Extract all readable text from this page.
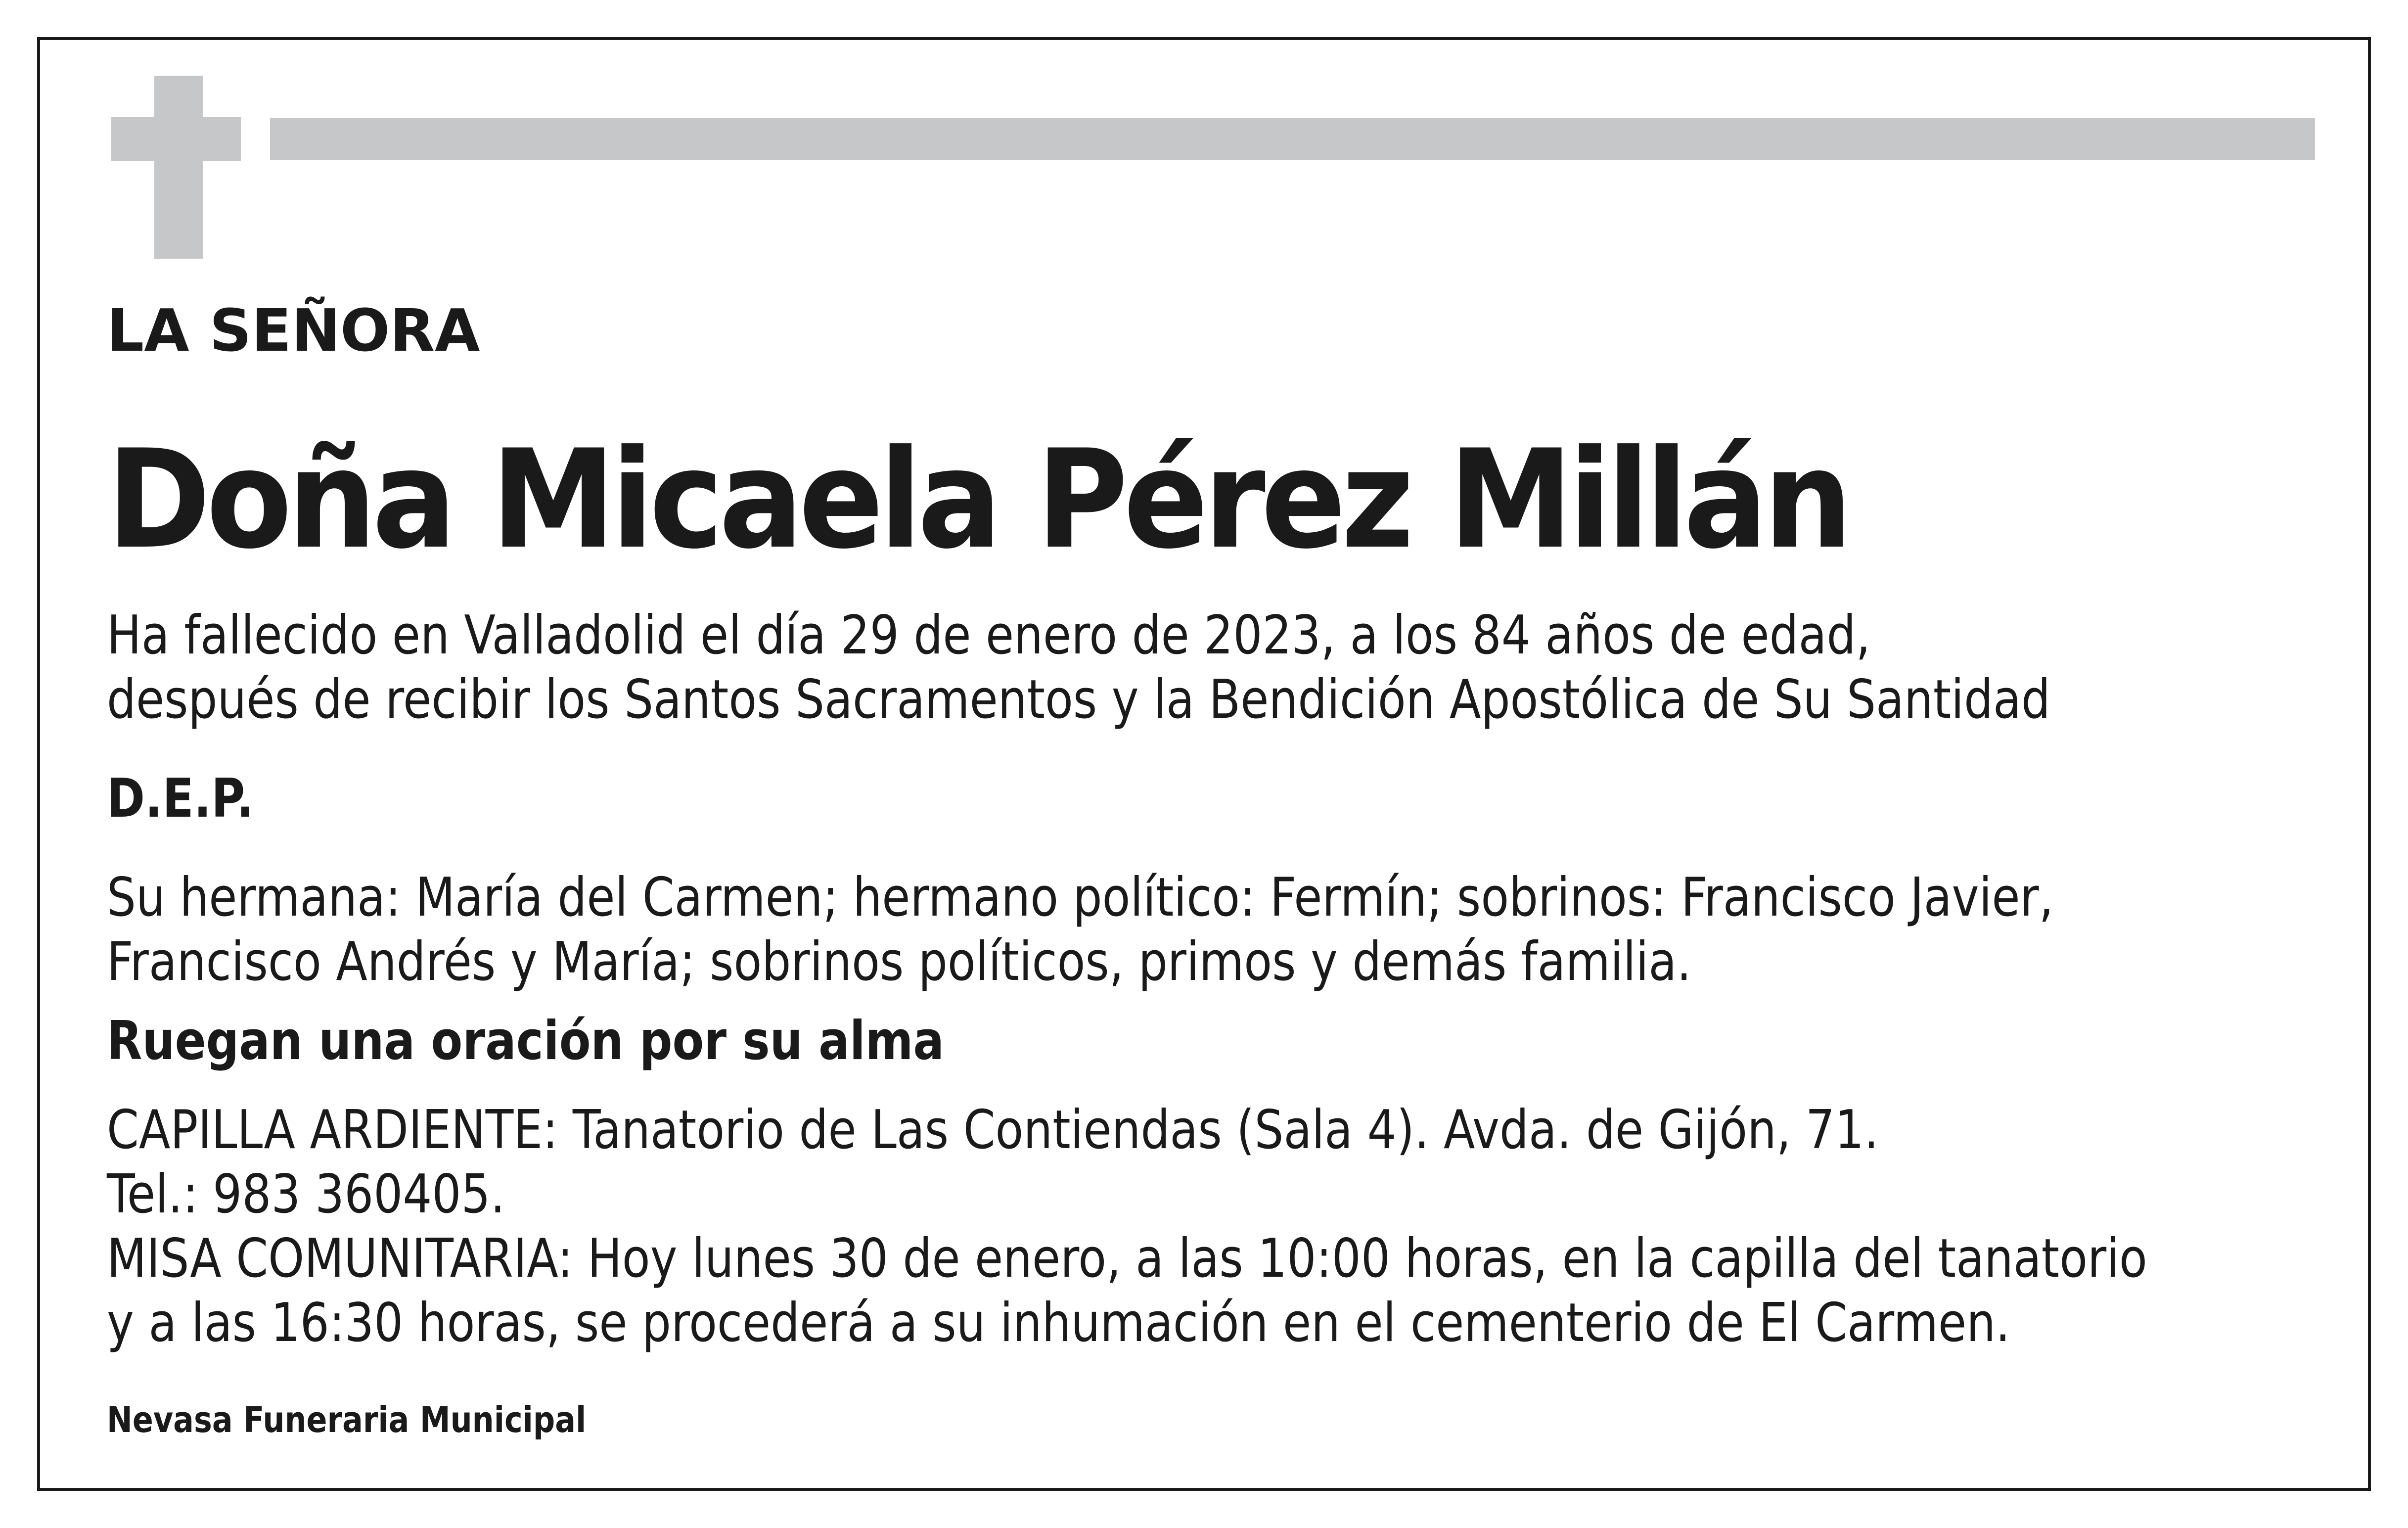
LA SEÑORA
Doña Micaela Pérez Millán
Ha fallecido en Valladolid el día 29 de enero de 2023, a los 84 años de edad,
después de recibir los Santos Sacramentos y la Bendición Apostólica de Su Santidad
D.E.P.
Su hermana: María del Carmen; hermano político: Fermín; sobrinos: Francisco Javier,
Francisco Andrés y María; sobrinos políticos, primos y demás familia.
Ruegan una oración por su alma
CAPILLA ARDIENTE: Tanatorio de Las Contiendas (Sala 4). Avda. de Gijón, 71.
Tel.: 983 360405.
MISA COMUNITARIA: Hoy lunes 30 de enero, a las 10:00 horas, en la capilla del tanatorio
y a las 16:30 horas, se procederá a su inhumación en el cementerio de El Carmen.
Nevasa Funeraria Municipal
